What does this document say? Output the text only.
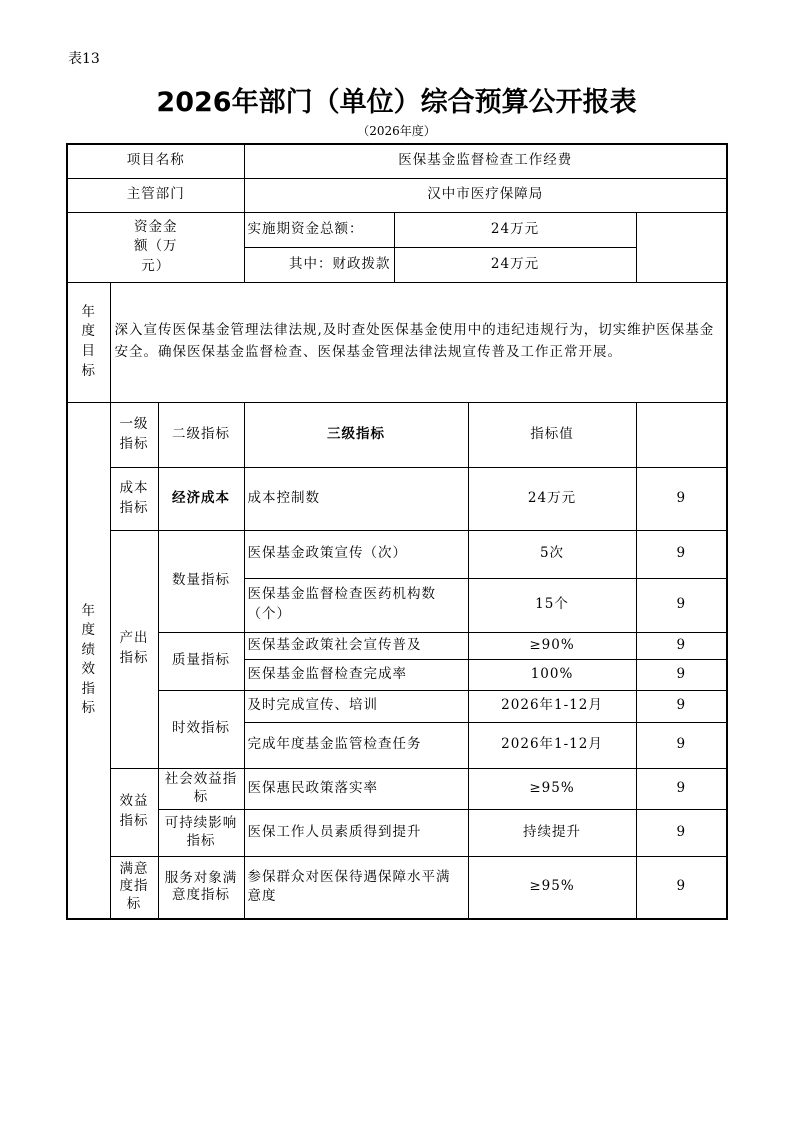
表13
2026年部门（单位）综合预算公开报表
（2026年度）
项目名称			医保基金监督检查工作经费			
主管部门			汉中市医疗保障局			
资金金额（万元）			实施期资金总额：	24万元		
			其中：财政拨款	24万元		
年度目标	深入宣传医保基金管理法律法规,及时查处医保基金使用中的违纪违规行为，切实维护医保基金安全。确保医保基金监督检查、医保基金管理法律法规宣传普及工作正常开展。					
年度绩效指标	一级指标	二级指标	三级指标		指标值	
	成本指标	经济成本	成本控制数		24万元	9
	产出指标	数量指标	医保基金政策宣传（次）		5次	9
			医保基金监督检查医药机构数（个）		15个	9
		质量指标	医保基金政策社会宣传普及		≥90%	9
			医保基金监督检查完成率		100%	9
		时效指标	及时完成宣传、培训		2026年1-12月	9
			完成年度基金监管检查任务		2026年1-12月	9
	效益指标	社会效益指标	医保惠民政策落实率		≥95%	9
		可持续影响指标	医保工作人员素质得到提升		持续提升	9
	满意度指标	服务对象满意度指标	参保群众对医保待遇保障水平满意度		≥95%	9
